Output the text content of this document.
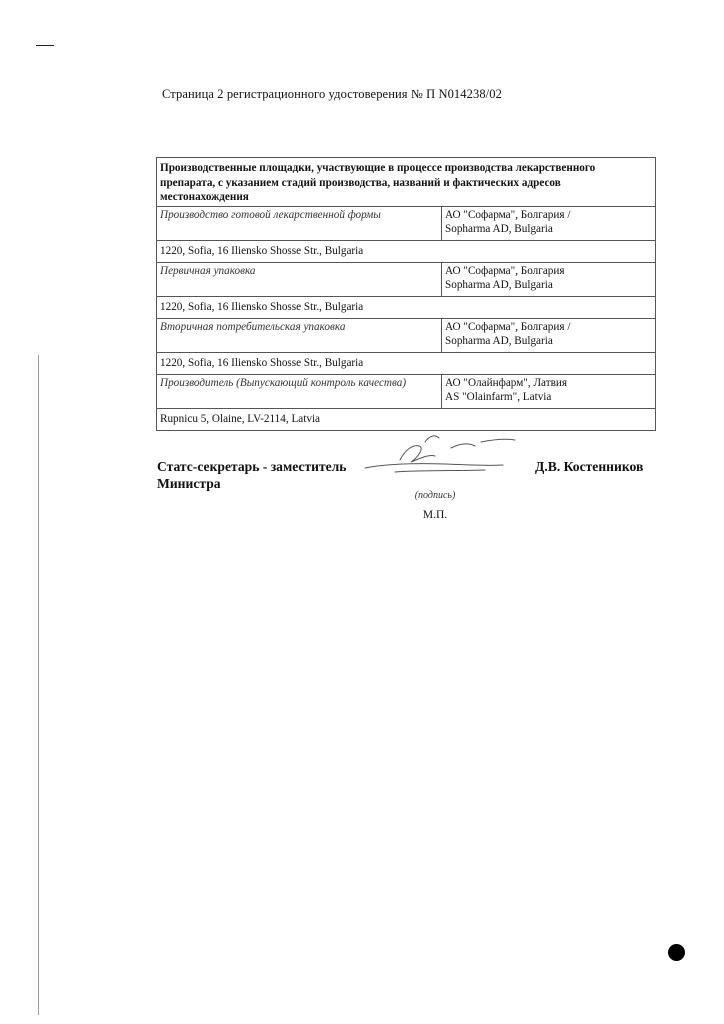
Страница 2 регистрационного удостоверения № П N014238/02
Производственные площадки, участвующие в процессе производства лекарственного препарата, с указанием стадий производства, названий и фактических адресов местонахождения	
Производство готовой лекарственной формы	АО "Софарма", Болгария /
Sopharma AD, Bulgaria

1220, Sofia, 16 Iliensko Shosse Str., Bulgaria	
Первичная упаковка	АО "Софарма", Болгария
Sopharma AD, Bulgaria

1220, Sofia, 16 Iliensko Shosse Str., Bulgaria	
Вторичная потребительская упаковка	АО "Софарма", Болгария /
Sopharma AD, Bulgaria

1220, Sofia, 16 Iliensko Shosse Str., Bulgaria	
Производитель (Выпускающий контроль качества)	АО "Олайнфарм", Латвия
AS "Olainfarm", Latvia

Rupnicu 5, Olaine, LV-2114, Latvia	
Статс-секретарь - заместитель
Министра
Д.В. Костенников
(подпись)
М.П.
